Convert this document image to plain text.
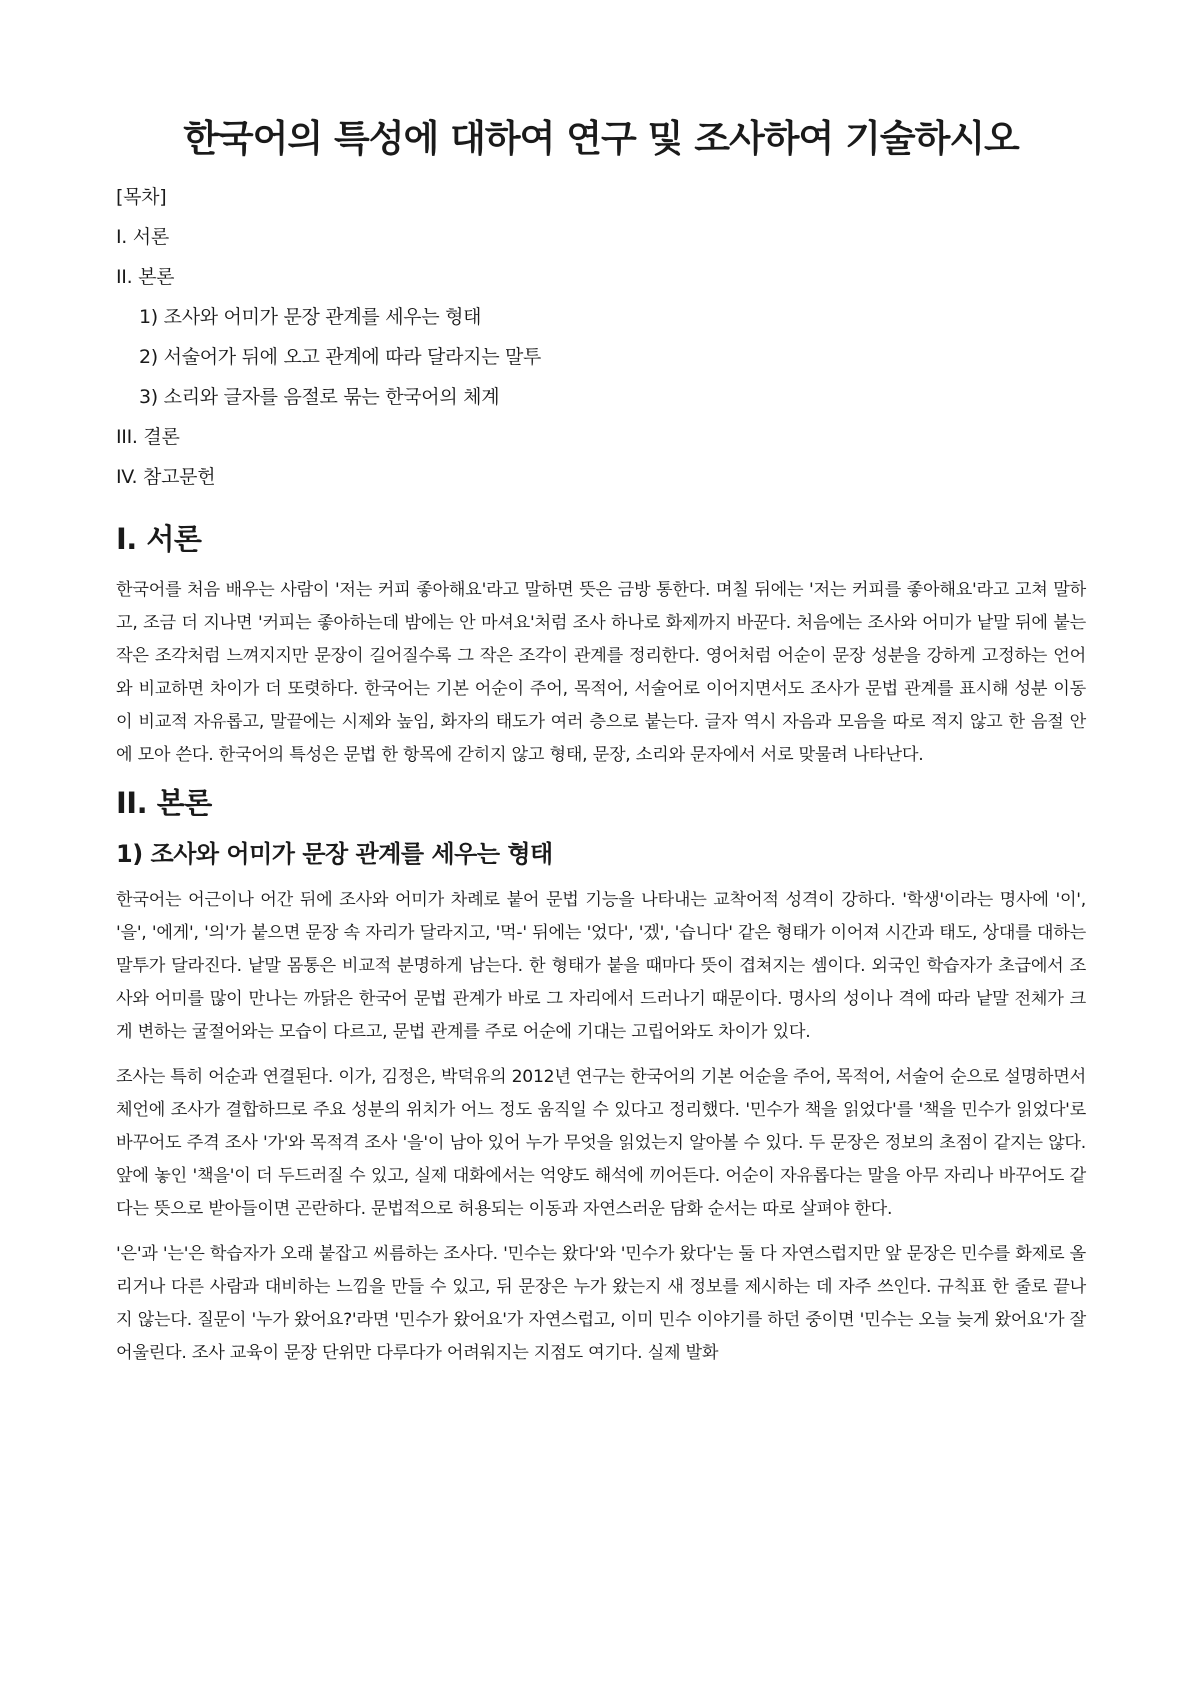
한국어의 특성에 대하여 연구 및 조사하여 기술하시오
[목차]
I. 서론
II. 본론
1) 조사와 어미가 문장 관계를 세우는 형태
2) 서술어가 뒤에 오고 관계에 따라 달라지는 말투
3) 소리와 글자를 음절로 묶는 한국어의 체계
III. 결론
IV. 참고문헌
I. 서론

한국어를 처음 배우는 사람이 '저는 커피 좋아해요'라고 말하면 뜻은 금방 통한다. 며칠 뒤에는 '저는 커피를 좋아해요'라고 고쳐 말하고, 조금 더 지나면 '커피는 좋아하는데 밤에는 안 마셔요'처럼 조사 하나로 화제까지 바꾼다. 처음에는 조사와 어미가 낱말 뒤에 붙는 작은 조각처럼 느껴지지만 문장이 길어질수록 그 작은 조각이 관계를 정리한다. 영어처럼 어순이 문장 성분을 강하게 고정하는 언어와 비교하면 차이가 더 또렷하다. 한국어는 기본 어순이 주어, 목적어, 서술어로 이어지면서도 조사가 문법 관계를 표시해 성분 이동이 비교적 자유롭고, 말끝에는 시제와 높임, 화자의 태도가 여러 층으로 붙는다. 글자 역시 자음과 모음을 따로 적지 않고 한 음절 안에 모아 쓴다. 한국어의 특성은 문법 한 항목에 갇히지 않고 형태, 문장, 소리와 문자에서 서로 맞물려 나타난다.

II. 본론
1) 조사와 어미가 문장 관계를 세우는 형태

한국어는 어근이나 어간 뒤에 조사와 어미가 차례로 붙어 문법 기능을 나타내는 교착어적 성격이 강하다. '학생'이라는 명사에 '이', '을', '에게', '의'가 붙으면 문장 속 자리가 달라지고, '먹-' 뒤에는 '었다', '겠', '습니다' 같은 형태가 이어져 시간과 태도, 상대를 대하는 말투가 달라진다. 낱말 몸통은 비교적 분명하게 남는다. 한 형태가 붙을 때마다 뜻이 겹쳐지는 셈이다. 외국인 학습자가 초급에서 조사와 어미를 많이 만나는 까닭은 한국어 문법 관계가 바로 그 자리에서 드러나기 때문이다. 명사의 성이나 격에 따라 낱말 전체가 크게 변하는 굴절어와는 모습이 다르고, 문법 관계를 주로 어순에 기대는 고립어와도 차이가 있다.

조사는 특히 어순과 연결된다. 이가, 김정은, 박덕유의 2012년 연구는 한국어의 기본 어순을 주어, 목적어, 서술어 순으로 설명하면서 체언에 조사가 결합하므로 주요 성분의 위치가 어느 정도 움직일 수 있다고 정리했다. '민수가 책을 읽었다'를 '책을 민수가 읽었다'로 바꾸어도 주격 조사 '가'와 목적격 조사 '을'이 남아 있어 누가 무엇을 읽었는지 알아볼 수 있다. 두 문장은 정보의 초점이 같지는 않다. 앞에 놓인 '책을'이 더 두드러질 수 있고, 실제 대화에서는 억양도 해석에 끼어든다. 어순이 자유롭다는 말을 아무 자리나 바꾸어도 같다는 뜻으로 받아들이면 곤란하다. 문법적으로 허용되는 이동과 자연스러운 담화 순서는 따로 살펴야 한다.

'은'과 '는'은 학습자가 오래 붙잡고 씨름하는 조사다. '민수는 왔다'와 '민수가 왔다'는 둘 다 자연스럽지만 앞 문장은 민수를 화제로 올리거나 다른 사람과 대비하는 느낌을 만들 수 있고, 뒤 문장은 누가 왔는지 새 정보를 제시하는 데 자주 쓰인다. 규칙표 한 줄로 끝나지 않는다. 질문이 '누가 왔어요?'라면 '민수가 왔어요'가 자연스럽고, 이미 민수 이야기를 하던 중이면 '민수는 오늘 늦게 왔어요'가 잘 어울린다. 조사 교육이 문장 단위만 다루다가 어려워지는 지점도 여기다. 실제 발화
